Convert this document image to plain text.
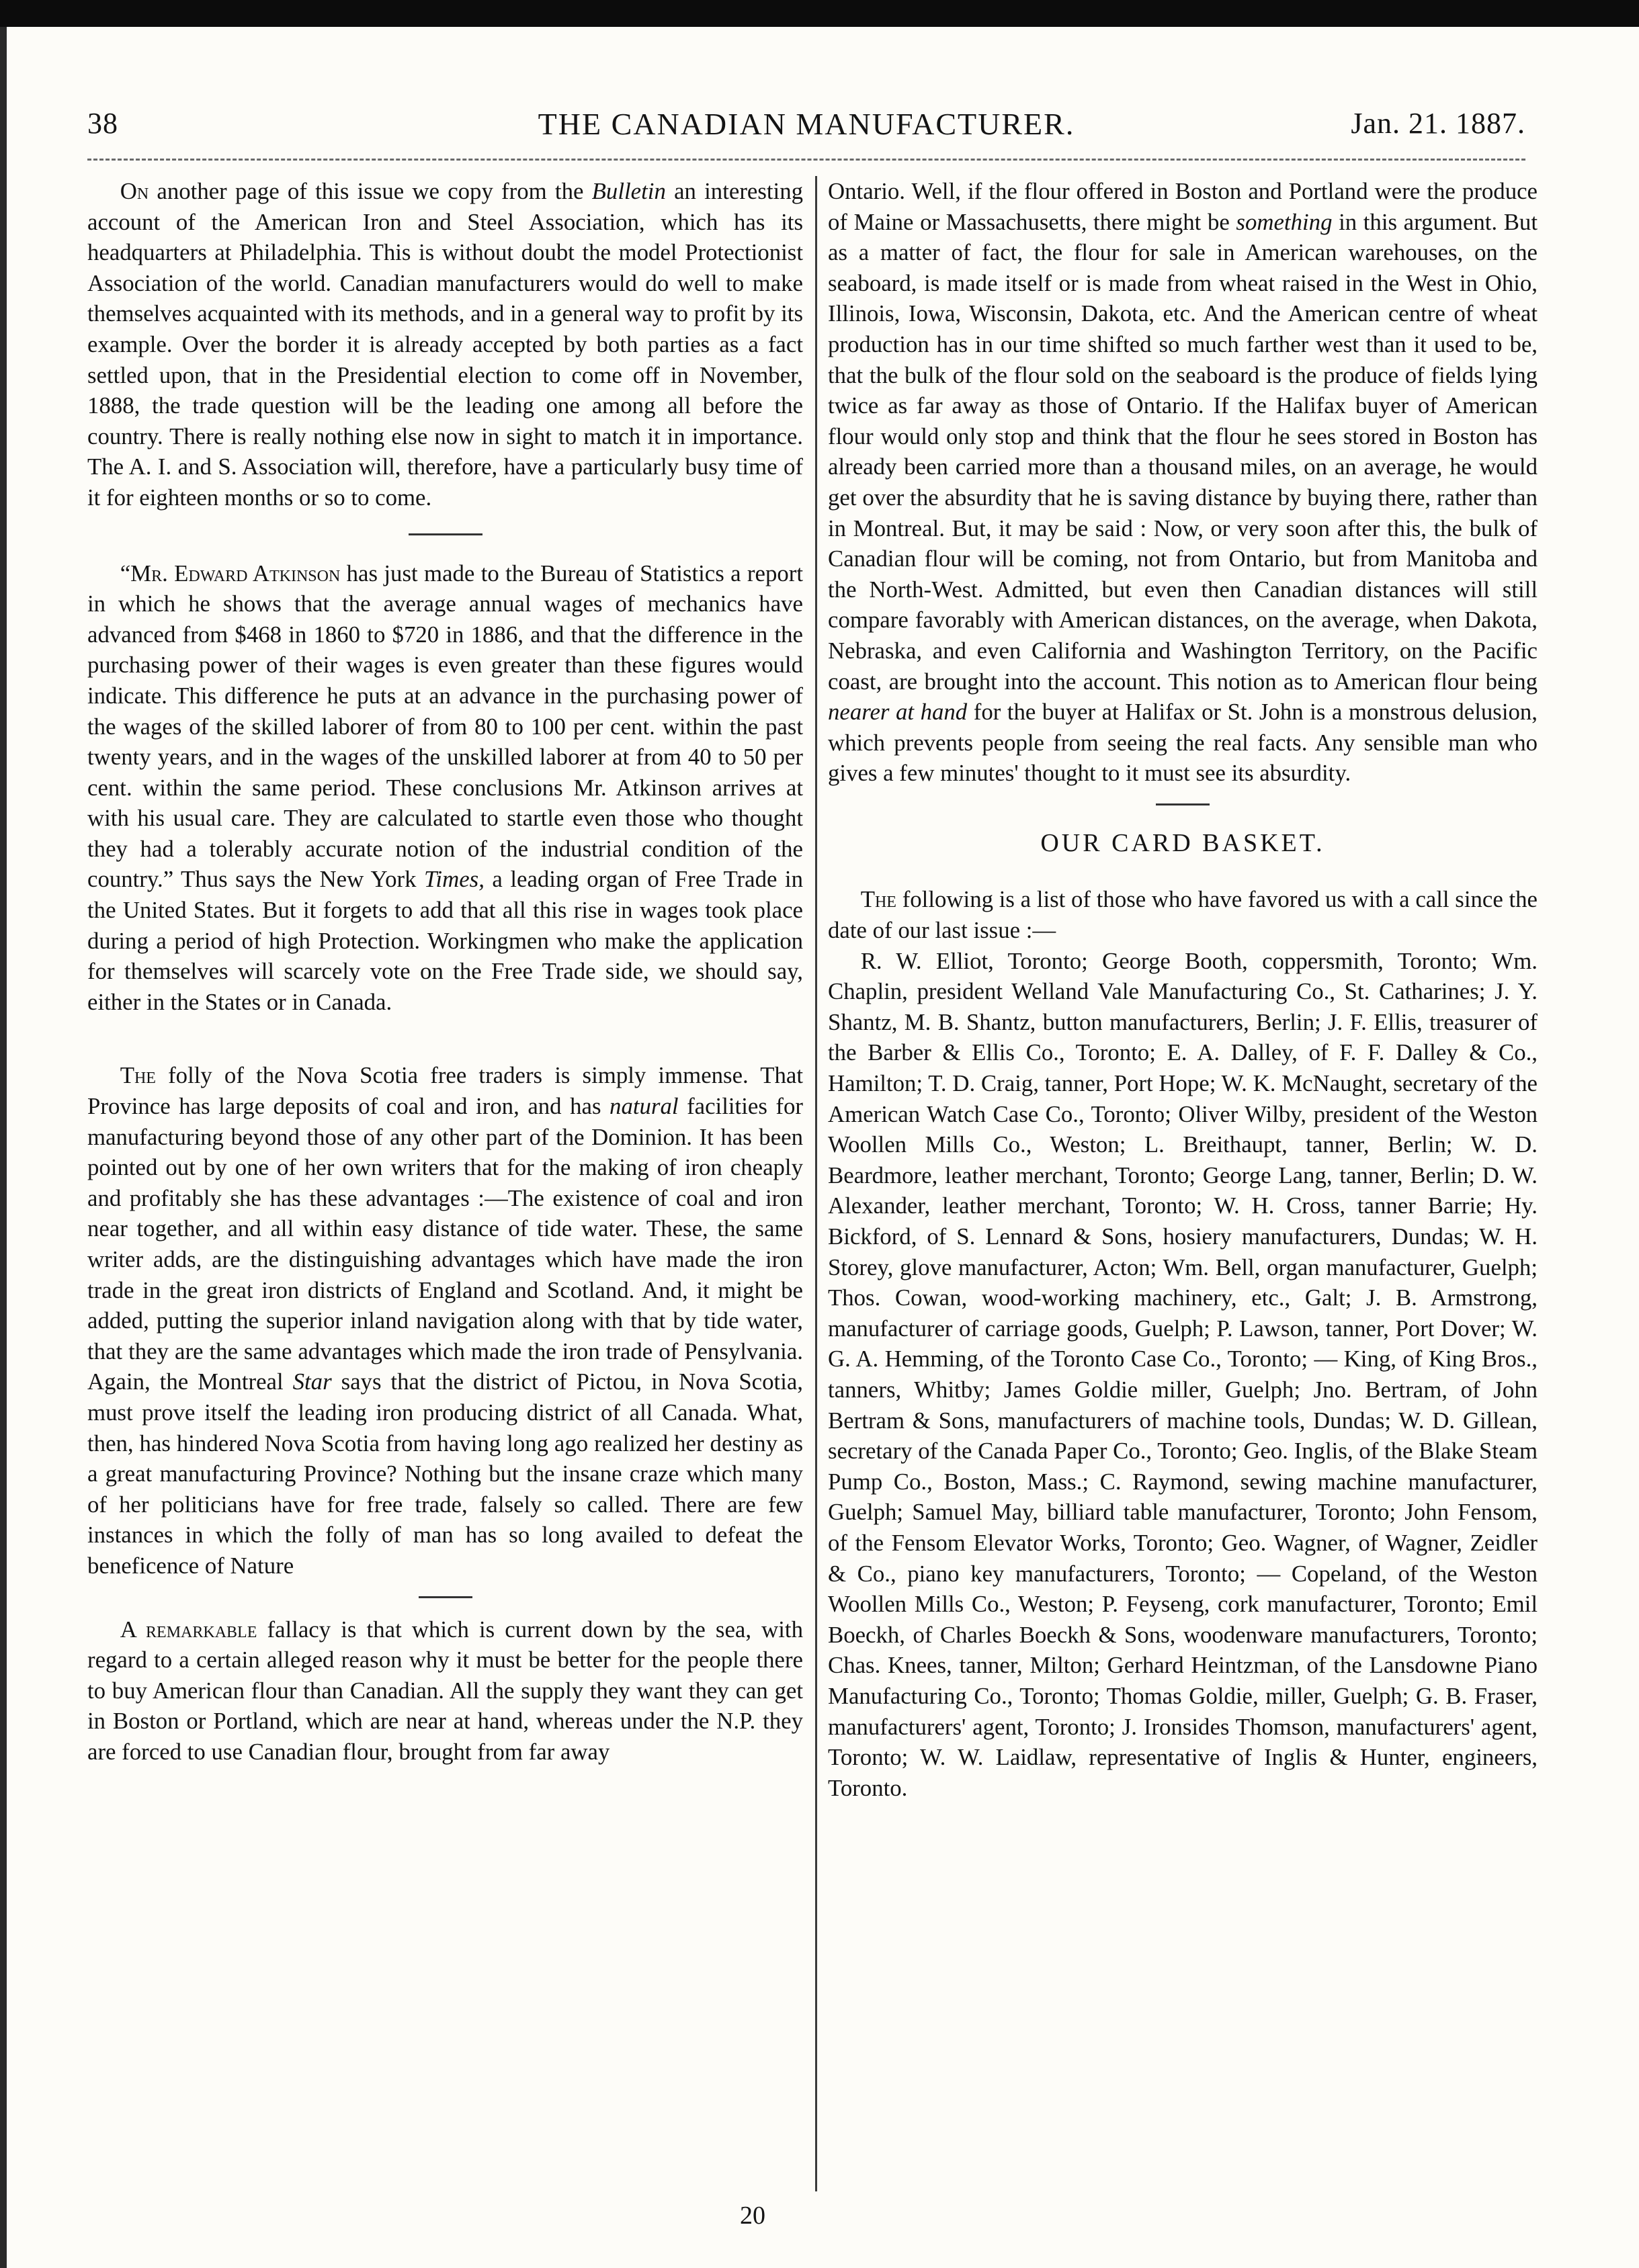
38	THE CANADIAN MANUFACTURER.	Jan. 21. 1887.

On another page of this issue we copy from the Bulletin an interesting account of the American Iron and Steel Association, which has its headquarters at Philadelphia. This is without doubt the model Protectionist Association of the world. Canadian manufacturers would do well to make themselves acquainted with its methods, and in a general way to profit by its example. Over the border it is already accepted by both parties as a fact settled upon, that in the Presidential election to come off in November, 1888, the trade question will be the leading one among all before the country. There is really nothing else now in sight to match it in importance. The A. I. and S. Association will, therefore, have a particularly busy time of it for eighteen months or so to come.

“Mr. Edward Atkinson has just made to the Bureau of Statistics a report in which he shows that the average annual wages of mechanics have advanced from $468 in 1860 to $720 in 1886, and that the difference in the purchasing power of their wages is even greater than these figures would indicate. This difference he puts at an advance in the purchasing power of the wages of the skilled laborer of from 80 to 100 per cent. within the past twenty years, and in the wages of the unskilled laborer at from 40 to 50 per cent. within the same period. These conclusions Mr. Atkinson arrives at with his usual care. They are calculated to startle even those who thought they had a tolerably accurate notion of the industrial condition of the country.” Thus says the New York Times, a leading organ of Free Trade in the United States. But it forgets to add that all this rise in wages took place during a period of high Protection. Workingmen who make the application for themselves will scarcely vote on the Free Trade side, we should say, either in the States or in Canada.

The folly of the Nova Scotia free traders is simply immense. That Province has large deposits of coal and iron, and has natural facilities for manufacturing beyond those of any other part of the Dominion. It has been pointed out by one of her own writers that for the making of iron cheaply and profitably she has these advantages :—The existence of coal and iron near together, and all within easy distance of tide water. These, the same writer adds, are the distinguishing advantages which have made the iron trade in the great iron districts of England and Scotland. And, it might be added, putting the superior inland navigation along with that by tide water, that they are the same advantages which made the iron trade of Pensylvania. Again, the Montreal Star says that the district of Pictou, in Nova Scotia, must prove itself the leading iron producing district of all Canada. What, then, has hindered Nova Scotia from having long ago realized her destiny as a great manufacturing Province? Nothing but the insane craze which many of her politicians have for free trade, falsely so called. There are few instances in which the folly of man has so long availed to defeat the beneficence of Nature

A remarkable fallacy is that which is current down by the sea, with regard to a certain alleged reason why it must be better for the people there to buy American flour than Canadian. All the supply they want they can get in Boston or Portland, which are near at hand, whereas under the N.P. they are forced to use Canadian flour, brought from far away

Ontario. Well, if the flour offered in Boston and Portland were the produce of Maine or Massachusetts, there might be something in this argument. But as a matter of fact, the flour for sale in American warehouses, on the seaboard, is made itself or is made from wheat raised in the West in Ohio, Illinois, Iowa, Wisconsin, Dakota, etc. And the American centre of wheat production has in our time shifted so much farther west than it used to be, that the bulk of the flour sold on the seaboard is the produce of fields lying twice as far away as those of Ontario. If the Halifax buyer of American flour would only stop and think that the flour he sees stored in Boston has already been carried more than a thousand miles, on an average, he would get over the absurdity that he is saving distance by buying there, rather than in Montreal. But, it may be said : Now, or very soon after this, the bulk of Canadian flour will be coming, not from Ontario, but from Manitoba and the North-West. Admitted, but even then Canadian distances will still compare favorably with American distances, on the average, when Dakota, Nebraska, and even California and Washington Territory, on the Pacific coast, are brought into the account. This notion as to American flour being nearer at hand for the buyer at Halifax or St. John is a monstrous delusion, which prevents people from seeing the real facts. Any sensible man who gives a few minutes' thought to it must see its absurdity.

OUR CARD BASKET.

The following is a list of those who have favored us with a call since the date of our last issue :—

R. W. Elliot, Toronto; George Booth, coppersmith, Toronto; Wm. Chaplin, president Welland Vale Manufacturing Co., St. Catharines; J. Y. Shantz, M. B. Shantz, button manufacturers, Berlin; J. F. Ellis, treasurer of the Barber & Ellis Co., Toronto; E. A. Dalley, of F. F. Dalley & Co., Hamilton; T. D. Craig, tanner, Port Hope; W. K. McNaught, secretary of the American Watch Case Co., Toronto; Oliver Wilby, president of the Weston Woollen Mills Co., Weston; L. Breithaupt, tanner, Berlin; W. D. Beardmore, leather merchant, Toronto; George Lang, tanner, Berlin; D. W. Alexander, leather merchant, Toronto; W. H. Cross, tanner Barrie; Hy. Bickford, of S. Lennard & Sons, hosiery manufacturers, Dundas; W. H. Storey, glove manufacturer, Acton; Wm. Bell, organ manufacturer, Guelph; Thos. Cowan, wood-working machinery, etc., Galt; J. B. Armstrong, manufacturer of carriage goods, Guelph; P. Lawson, tanner, Port Dover; W. G. A. Hemming, of the Toronto Case Co., Toronto; — King, of King Bros., tanners, Whitby; James Goldie miller, Guelph; Jno. Bertram, of John Bertram & Sons, manufacturers of machine tools, Dundas; W. D. Gillean, secretary of the Canada Paper Co., Toronto; Geo. Inglis, of the Blake Steam Pump Co., Boston, Mass.; C. Raymond, sewing machine manufacturer, Guelph; Samuel May, billiard table manufacturer, Toronto; John Fensom, of the Fensom Elevator Works, Toronto; Geo. Wagner, of Wagner, Zeidler & Co., piano key manufacturers, Toronto; — Copeland, of the Weston Woollen Mills Co., Weston; P. Feyseng, cork manufacturer, Toronto; Emil Boeckh, of Charles Boeckh & Sons, woodenware manufacturers, Toronto; Chas. Knees, tanner, Milton; Gerhard Heintzman, of the Lansdowne Piano Manufacturing Co., Toronto; Thomas Goldie, miller, Guelph; G. B. Fraser, manufacturers' agent, Toronto; J. Ironsides Thomson, manufacturers' agent, Toronto; W. W. Laidlaw, representative of Inglis & Hunter, engineers, Toronto.

20
